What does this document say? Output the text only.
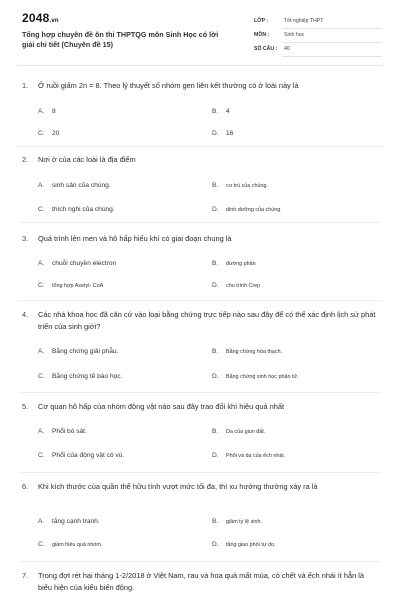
2048.vn
Tổng hợp chuyên đề ôn thi THPTQG môn Sinh Học có lời giải chi tiết (Chuyên đề 15)
LỚP :	Tốt nghiệp THPT
MÔN :	Sinh học
SỐ CÂU :	40
1. Ở ruồi giấm 2n = 8. Theo lý thuyết số nhóm gen liên kết thường có ở loài này là
A. 8	B. 4
C. 20	D. 16
2. Nơi ở của các loài là địa điểm
A. sinh sản của chúng.	B. cư trú của chúng.
C. thích nghi của chúng.	D. dinh dưỡng của chúng.
3. Quá trình lên men và hô hấp hiếu khí có giai đoạn chung là
A. chuỗi chuyền electron	B. đường phân
C. tổng hợp Axetyl- CoA	D. chu trình Crep
4. Các nhà khoa học đã căn cứ vào loại bằng chứng trực tiếp nào sau đây để có thể xác định lịch sử phát triển của sinh giới?
A. Bằng chứng giải phẫu.	B. Bằng chứng hóa thạch.
C. Bằng chứng tế bào học.	D. Bằng chứng sinh học phân tử.
5. Cơ quan hô hấp của nhóm động vật nào sau đây trao đổi khí hiệu quả nhất
A. Phổi bò sát.	B. Da của giun đất.
C. Phổi của động vật có vú.	D. Phổi và da của ếch nhái.
6. Khi kích thước của quần thể hữu tính vượt mức tối đa, thì xu hướng thường xảy ra là
A. tăng cạnh tranh.	B. giảm tỷ lệ sinh.
C. giảm hiệu quả nhóm.	D. tăng giao phối tự do.
7. Trong đợt rét hại tháng 1-2/2018 ở Việt Nam, rau và hoa quả mất mùa, cỏ chết và ếch nhái ít hẳn là biểu hiện của kiểu biến động.
